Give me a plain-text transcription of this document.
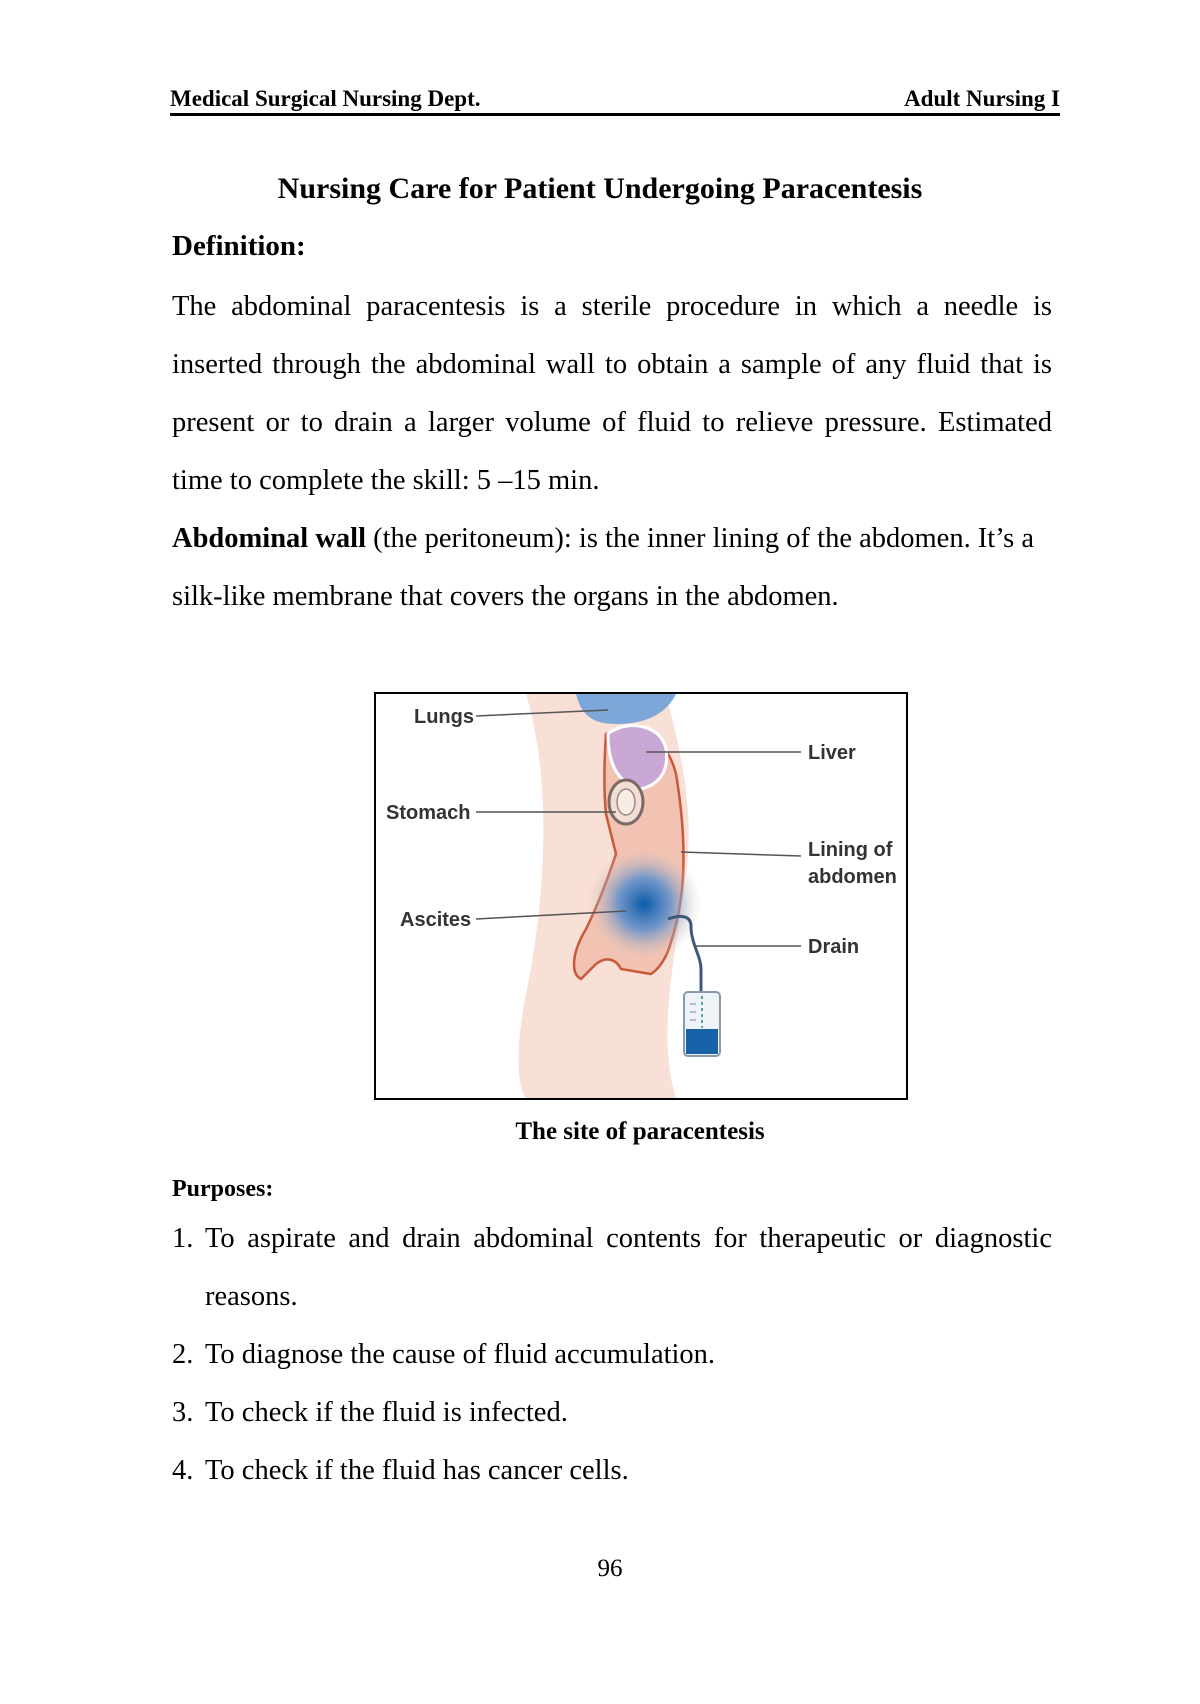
Medical Surgical Nursing Dept.	Adult Nursing I
Nursing Care for Patient Undergoing Paracentesis
Definition:
The abdominal paracentesis is a sterile procedure in which a needle is inserted through the abdominal wall to obtain a sample of any fluid that is present or to drain a larger volume of fluid to relieve pressure. Estimated time to complete the skill: 5 –15 min.
Abdominal wall (the peritoneum): is the inner lining of the abdomen. It’s a silk-like membrane that covers the organs in the abdomen.
Lungs
Liver
Stomach
Lining of
abdomen
Ascites
Drain
The site of paracentesis
Purposes:
1. To aspirate and drain abdominal contents for therapeutic or diagnostic reasons.
2. To diagnose the cause of fluid accumulation.
3. To check if the fluid is infected.
4. To check if the fluid has cancer cells.
96
